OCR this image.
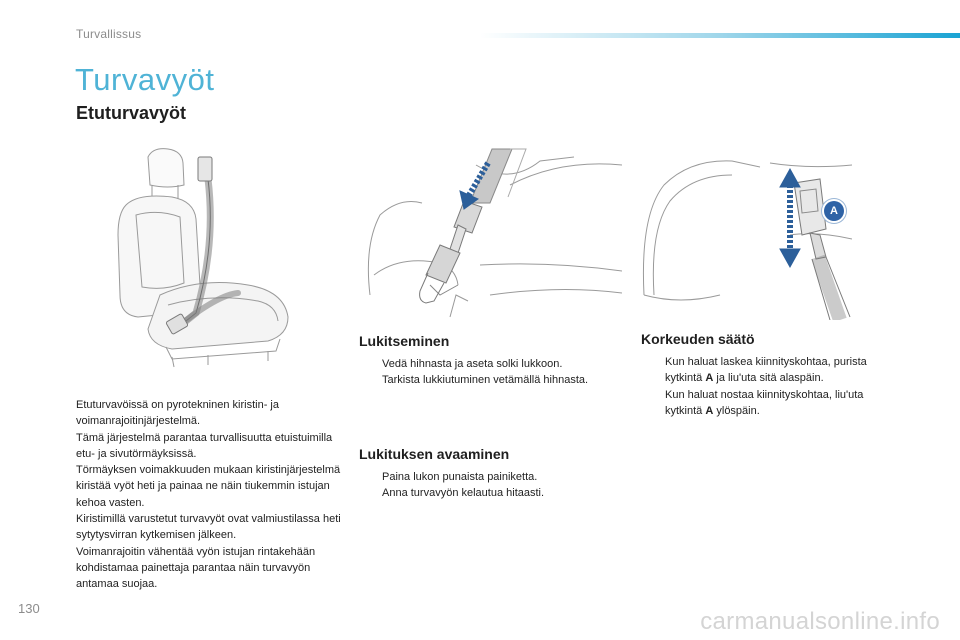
Turvallissus
Turvavyöt
Etuturvavyöt
A

Etuturvavöissä on pyrotekninen kiristin- ja voimanrajoitinjärjestelmä.

Tämä järjestelmä parantaa turvallisuutta etuistuimilla etu- ja sivutörmäyksissä.

Törmäyksen voimakkuuden mukaan kiristinjärjestelmä kiristää vyöt heti ja painaa ne näin tiukemmin istujan kehoa vasten.

Kiristimillä varustetut turvavyöt ovat valmiustilassa heti sytytysvirran kytkemisen jälkeen.

Voimanrajoitin vähentää vyön istujan rintakehään kohdistamaa painettaja parantaa näin turvavyön antamaa suojaa.

Lukitseminen
Vedä hihnasta ja aseta solki lukkoon.
Tarkista lukkiutuminen vetämällä hihnasta.
Korkeuden säätö
Kun haluat laskea kiinnityskohtaa, purista kytkintä A ja liu'uta sitä alaspäin.
Kun haluat nostaa kiinnityskohtaa, liu'uta kytkintä A ylöspäin.
Lukituksen avaaminen
Paina lukon punaista painiketta.
Anna turvavyön kelautua hitaasti.
130	carmanualsonline.info
